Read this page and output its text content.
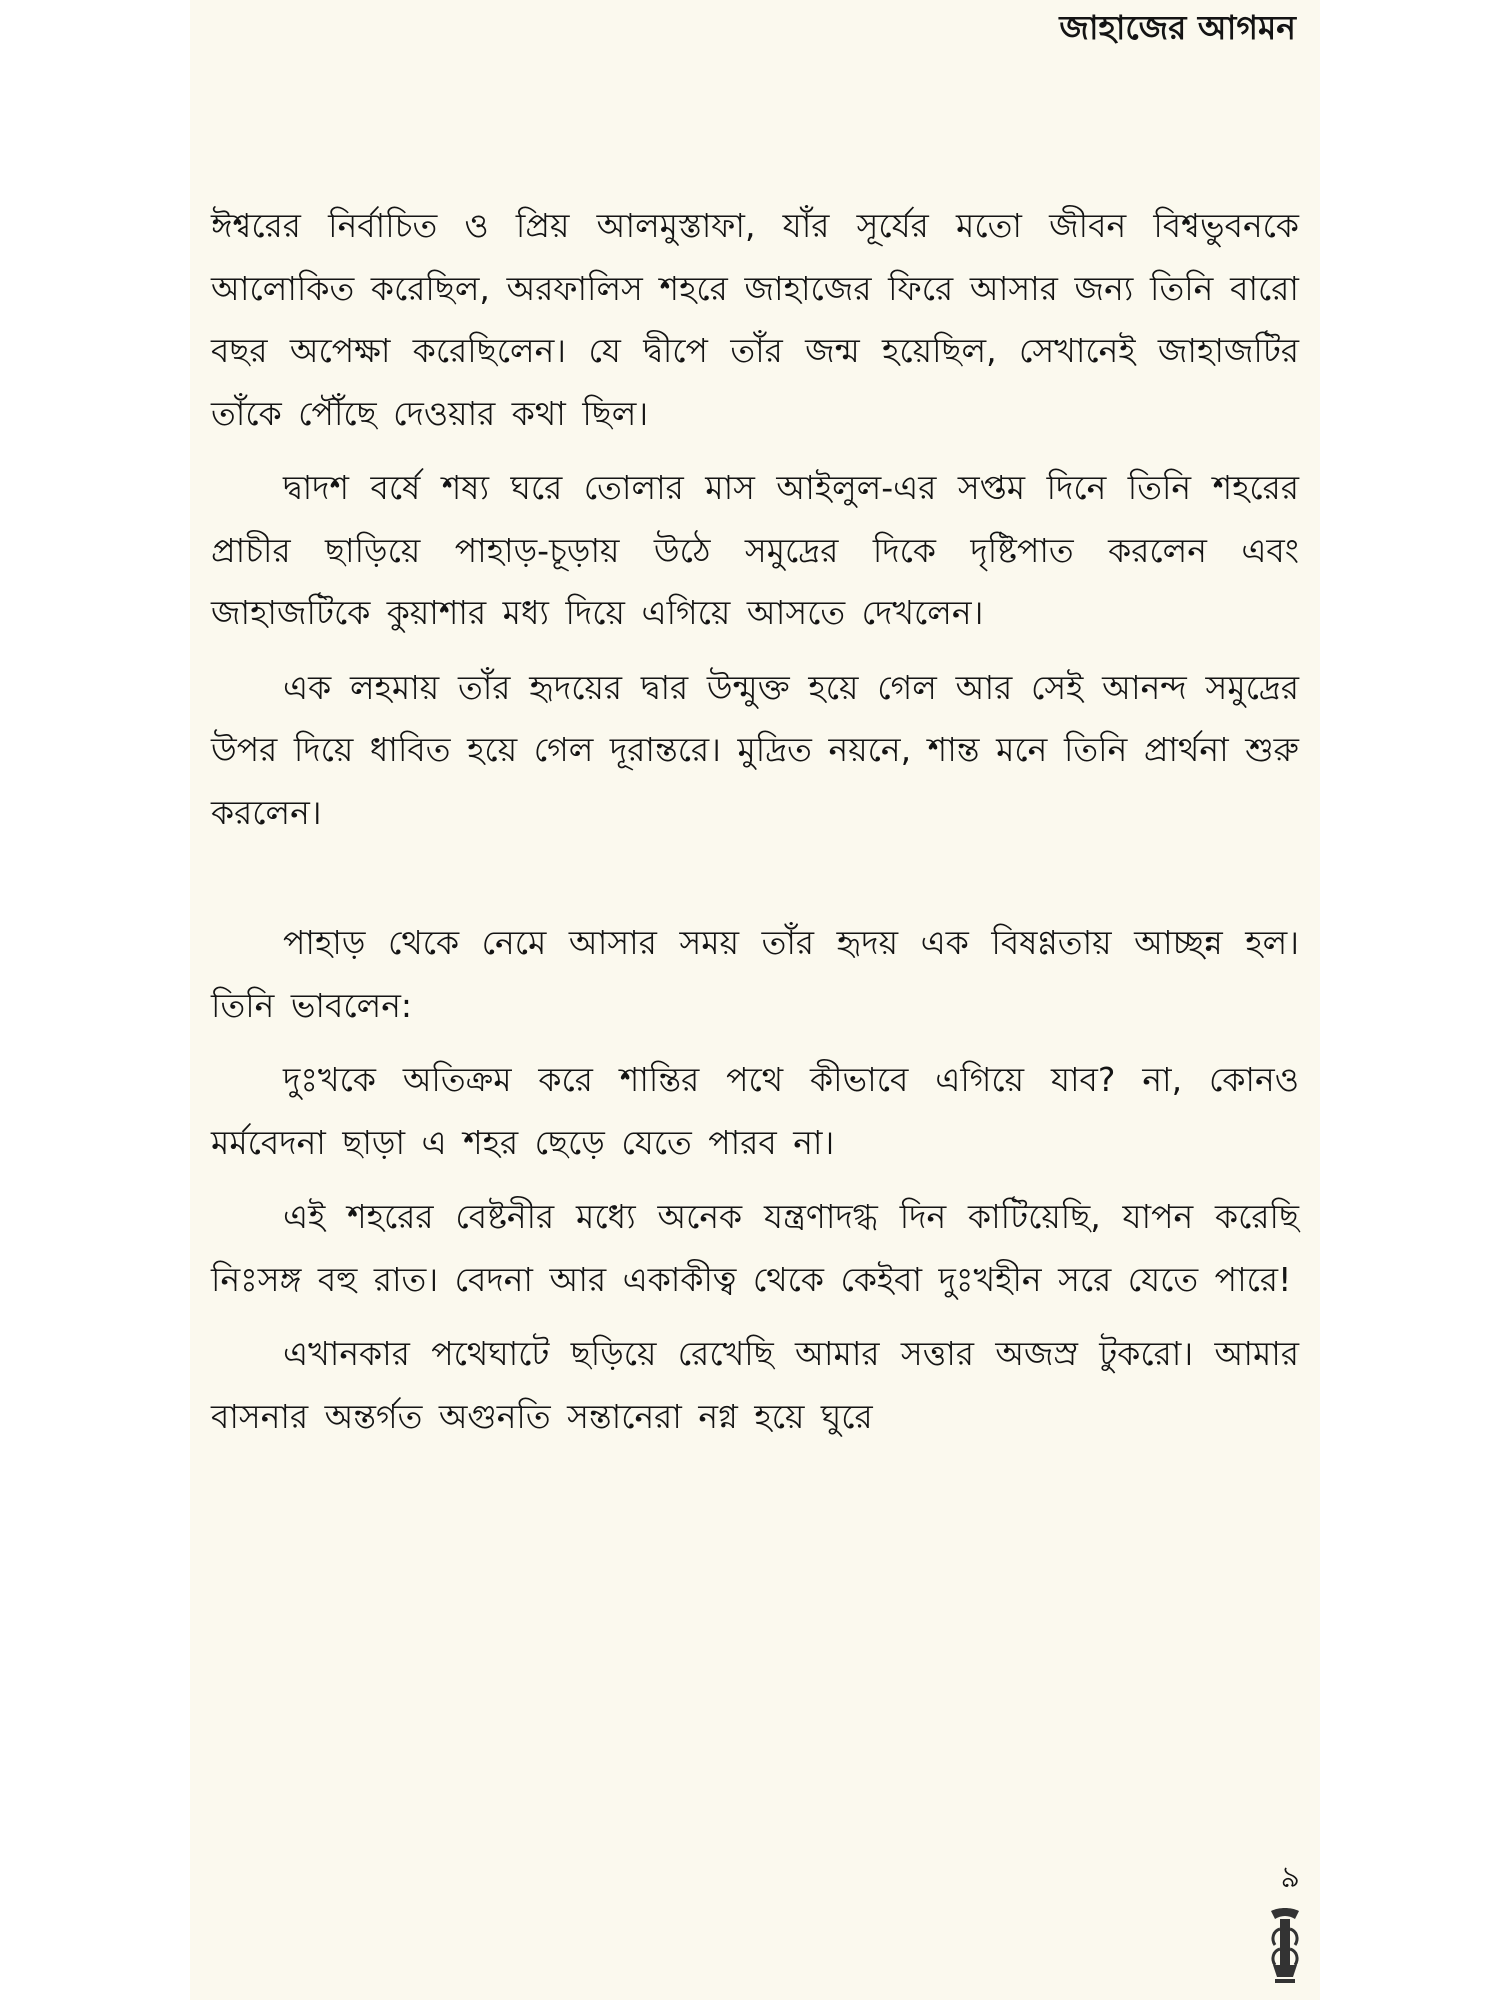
জাহাজের আগমন

ঈশ্বরের নির্বাচিত ও প্রিয় আলমুস্তাফা, যাঁর সূর্যের মতো জীবন বিশ্বভুবনকে আলোকিত করেছিল, অরফালিস শহরে জাহাজের ফিরে আসার জন্য তিনি বারো বছর অপেক্ষা করেছিলেন। যে দ্বীপে তাঁর জন্ম হয়েছিল, সেখানেই জাহাজটির তাঁকে পৌঁছে দেওয়ার কথা ছিল।

দ্বাদশ বর্ষে শষ্য ঘরে তোলার মাস আইলুল-এর সপ্তম দিনে তিনি শহরের প্রাচীর ছাড়িয়ে পাহাড়-চূড়ায় উঠে সমুদ্রের দিকে দৃষ্টিপাত করলেন এবং জাহাজটিকে কুয়াশার মধ্য দিয়ে এগিয়ে আসতে দেখলেন।

এক লহমায় তাঁর হৃদয়ের দ্বার উন্মুক্ত হয়ে গেল আর সেই আনন্দ সমুদ্রের উপর দিয়ে ধাবিত হয়ে গেল দূরান্তরে। মুদ্রিত নয়নে, শান্ত মনে তিনি প্রার্থনা শুরু করলেন।

পাহাড় থেকে নেমে আসার সময় তাঁর হৃদয় এক বিষণ্ণতায় আচ্ছন্ন হল। তিনি ভাবলেন:

দুঃখকে অতিক্রম করে শান্তির পথে কীভাবে এগিয়ে যাব? না, কোনও মর্মবেদনা ছাড়া এ শহর ছেড়ে যেতে পারব না।

এই শহরের বেষ্টনীর মধ্যে অনেক যন্ত্রণাদগ্ধ দিন কাটিয়েছি, যাপন করেছি নিঃসঙ্গ বহু রাত। বেদনা আর একাকীত্ব থেকে কেইবা দুঃখহীন সরে যেতে পারে!

এখানকার পথেঘাটে ছড়িয়ে রেখেছি আমার সত্তার অজস্র টুকরো। আমার বাসনার অন্তর্গত অগুনতি সন্তানেরা নগ্ন হয়ে ঘুরে

৯
